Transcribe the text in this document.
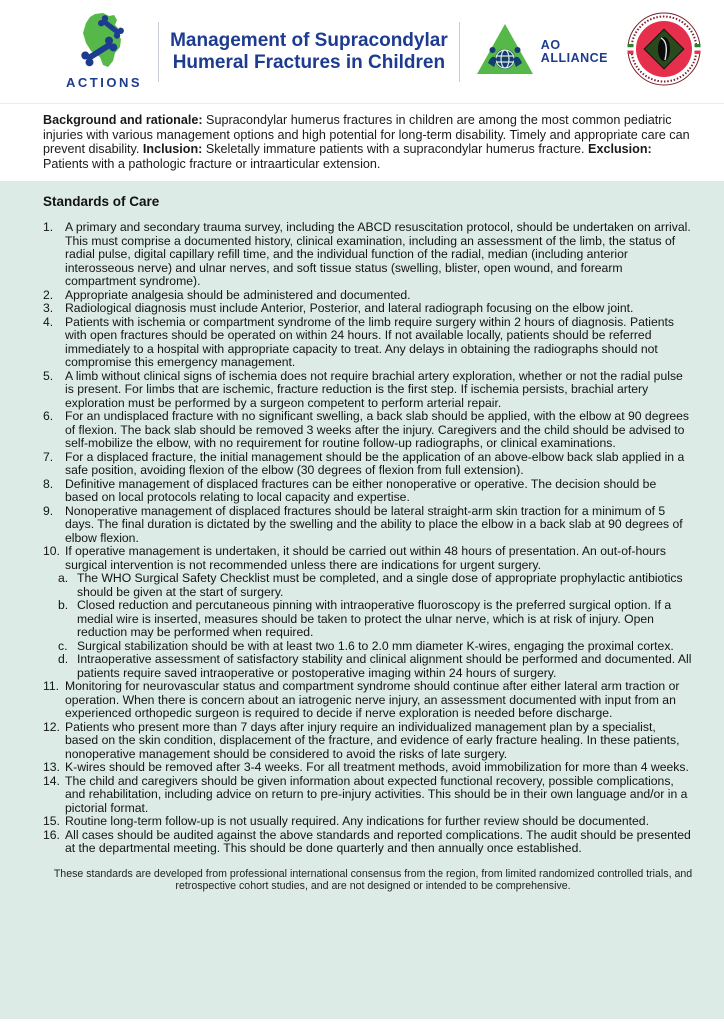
ACTIONS
Management of Supracondylar
Humeral Fractures in Children
AO
ALLIANCE

Background and rationale: Supracondylar humerus fractures in children are among the most common pediatric injuries with various management options and high potential for long-term disability. Timely and appropriate care can prevent disability. Inclusion: Skeletally immature patients with a supracondylar humerus fracture. Exclusion: Patients with a pathologic fracture or intraarticular extension.

Standards of Care
1. A primary and secondary trauma survey, including the ABCD resuscitation protocol, should be undertaken on arrival. This must comprise a documented history, clinical examination, including an assessment of the limb, the status of radial pulse, digital capillary refill time, and the individual function of the radial, median (including anterior interosseous nerve) and ulnar nerves, and soft tissue status (swelling, blister, open wound, and forearm compartment syndrome).
2. Appropriate analgesia should be administered and documented.
3. Radiological diagnosis must include Anterior, Posterior, and lateral radiograph focusing on the elbow joint.
4. Patients with ischemia or compartment syndrome of the limb require surgery within 2 hours of diagnosis. Patients with open fractures should be operated on within 24 hours. If not available locally, patients should be referred immediately to a hospital with appropriate capacity to treat. Any delays in obtaining the radiographs should not compromise this emergency management.
5. A limb without clinical signs of ischemia does not require brachial artery exploration, whether or not the radial pulse is present. For limbs that are ischemic, fracture reduction is the first step. If ischemia persists, brachial artery exploration must be performed by a surgeon competent to perform arterial repair.
6. For an undisplaced fracture with no significant swelling, a back slab should be applied, with the elbow at 90 degrees of flexion. The back slab should be removed 3 weeks after the injury. Caregivers and the child should be advised to self-mobilize the elbow, with no requirement for routine follow-up radiographs, or clinical examinations.
7. For a displaced fracture, the initial management should be the application of an above-elbow back slab applied in a safe position, avoiding flexion of the elbow (30 degrees of flexion from full extension).
8. Definitive management of displaced fractures can be either nonoperative or operative. The decision should be based on local protocols relating to local capacity and expertise.
9. Nonoperative management of displaced fractures should be lateral straight-arm skin traction for a minimum of 5 days. The final duration is dictated by the swelling and the ability to place the elbow in a back slab at 90 degrees of elbow flexion.
10. If operative management is undertaken, it should be carried out within 48 hours of presentation. An out-of-hours surgical intervention is not recommended unless there are indications for urgent surgery.
a. The WHO Surgical Safety Checklist must be completed, and a single dose of appropriate prophylactic antibiotics should be given at the start of surgery.
b. Closed reduction and percutaneous pinning with intraoperative fluoroscopy is the preferred surgical option. If a medial wire is inserted, measures should be taken to protect the ulnar nerve, which is at risk of injury. Open reduction may be performed when required.
c. Surgical stabilization should be with at least two 1.6 to 2.0 mm diameter K-wires, engaging the proximal cortex.
d. Intraoperative assessment of satisfactory stability and clinical alignment should be performed and documented. All patients require saved intraoperative or postoperative imaging within 24 hours of surgery.
11. Monitoring for neurovascular status and compartment syndrome should continue after either lateral arm traction or operation. When there is concern about an iatrogenic nerve injury, an assessment documented with input from an experienced orthopedic surgeon is required to decide if nerve exploration is needed before discharge.
12. Patients who present more than 7 days after injury require an individualized management plan by a specialist, based on the skin condition, displacement of the fracture, and evidence of early fracture healing. In these patients, nonoperative management should be considered to avoid the risks of late surgery.
13. K-wires should be removed after 3-4 weeks. For all treatment methods, avoid immobilization for more than 4 weeks.
14. The child and caregivers should be given information about expected functional recovery, possible complications, and rehabilitation, including advice on return to pre-injury activities. This should be in their own language and/or in a pictorial format.
15. Routine long-term follow-up is not usually required. Any indications for further review should be documented.
16. All cases should be audited against the above standards and reported complications. The audit should be presented at the departmental meeting. This should be done quarterly and then annually once established.
These standards are developed from professional international consensus from the region, from limited randomized controlled trials, and retrospective cohort studies, and are not designed or intended to be comprehensive.
